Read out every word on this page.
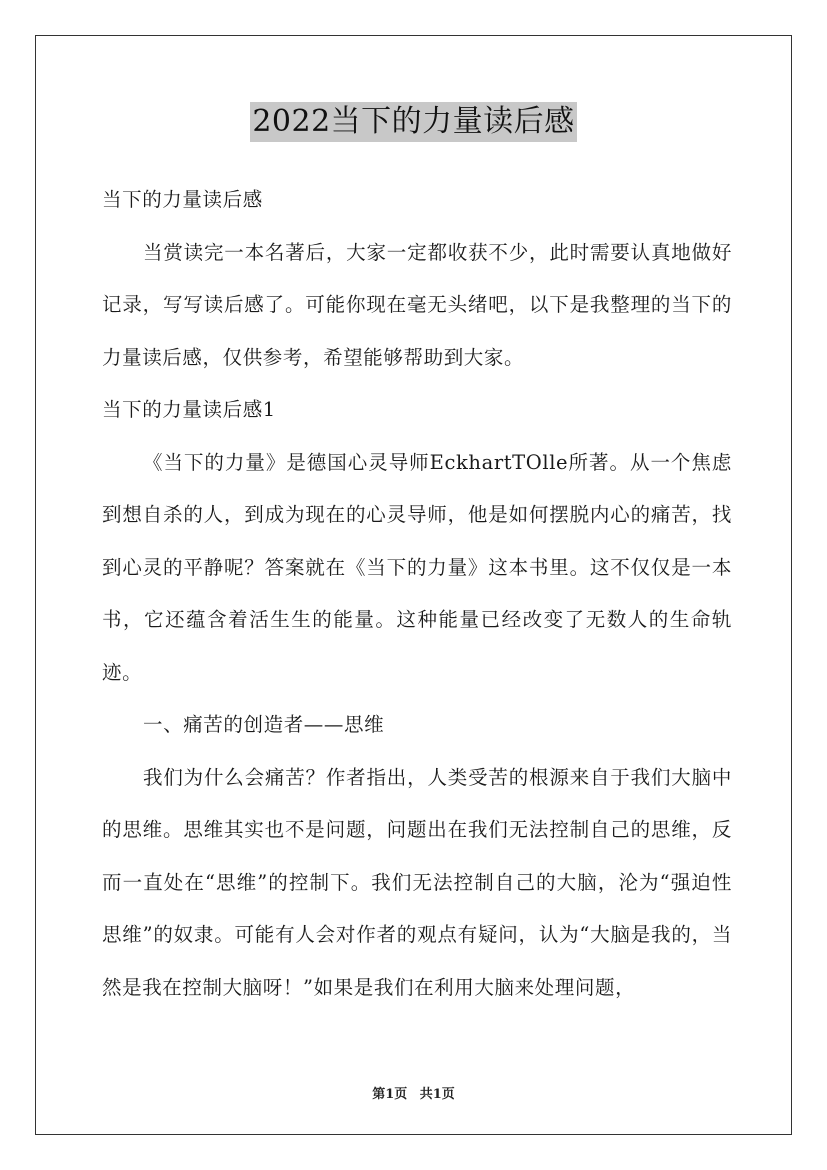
2022当下的力量读后感

当下的力量读后感

当赏读完一本名著后，大家一定都收获不少，此时需要认真地做好记录，写写读后感了。可能你现在毫无头绪吧，以下是我整理的当下的力量读后感，仅供参考，希望能够帮助到大家。

当下的力量读后感1

《当下的力量》是德国心灵导师EckhartTOlle所著。从一个焦虑到想自杀的人，到成为现在的心灵导师，他是如何摆脱内心的痛苦，找到心灵的平静呢？答案就在《当下的力量》这本书里。这不仅仅是一本书，它还蕴含着活生生的能量。这种能量已经改变了无数人的生命轨迹。

一、痛苦的创造者——思维

我们为什么会痛苦？作者指出，人类受苦的根源来自于我们大脑中的思维。思维其实也不是问题，问题出在我们无法控制自己的思维，反而一直处在“思维”的控制下。我们无法控制自己的大脑，沦为“强迫性思维”的奴隶。可能有人会对作者的观点有疑问，认为“大脑是我的，当然是我在控制大脑呀！”如果是我们在利用大脑来处理问题，

第1页 共1页
